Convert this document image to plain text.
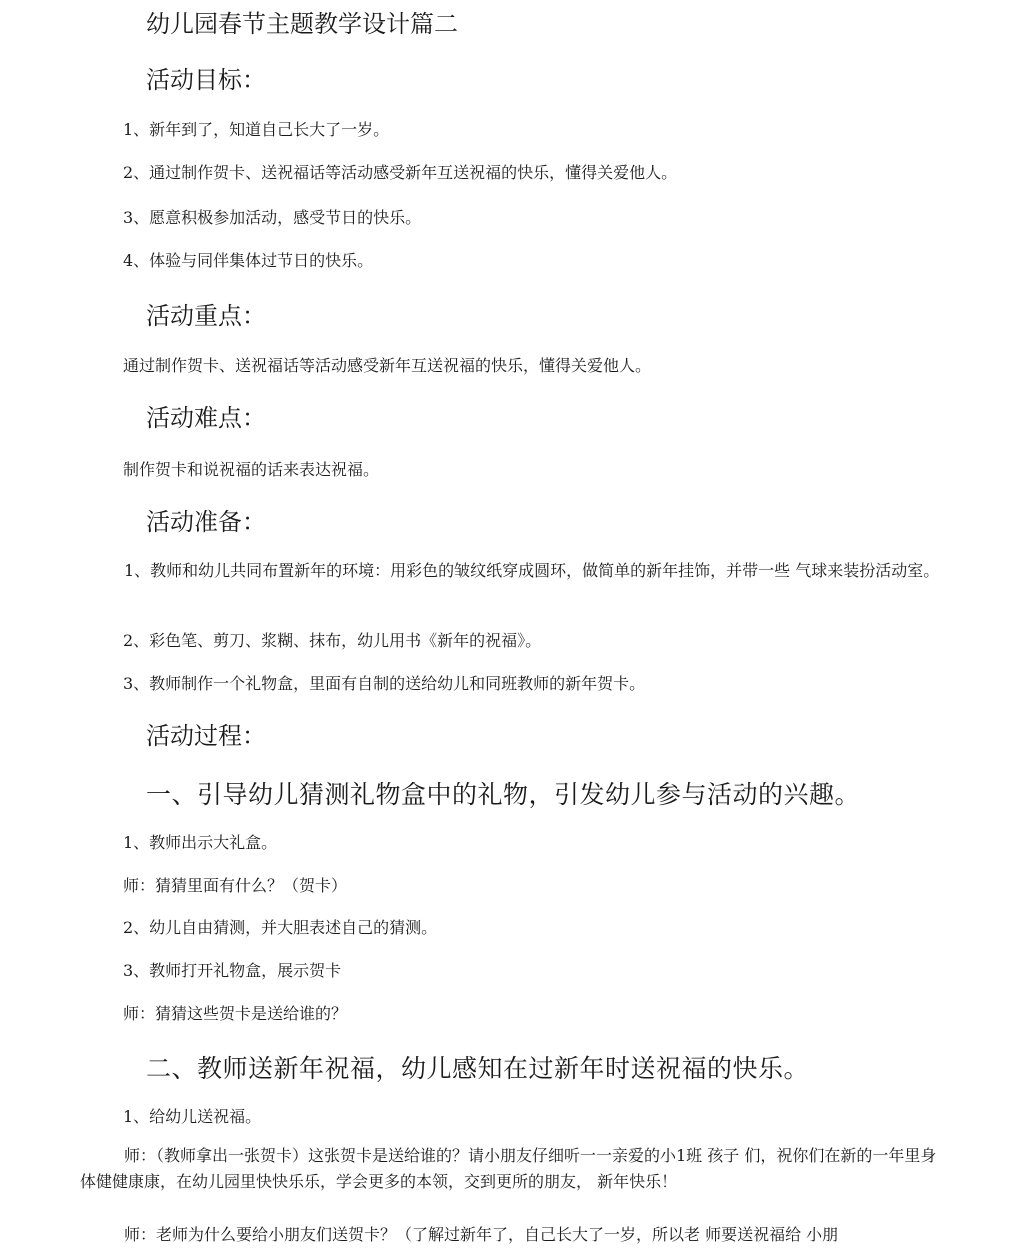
幼儿园春节主题教学设计篇二
活动目标：

1、新年到了，知道自己长大了一岁。

2、通过制作贺卡、送祝福话等活动感受新年互送祝福的快乐，懂得关爱他人。

3、愿意积极参加活动，感受节日的快乐。

4、体验与同伴集体过节日的快乐。

活动重点：

通过制作贺卡、送祝福话等活动感受新年互送祝福的快乐，懂得关爱他人。

活动难点：

制作贺卡和说祝福的话来表达祝福。

活动准备：

1、教师和幼儿共同布置新年的环境：用彩色的皱纹纸穿成圆环，做简单的新年挂饰，并带一些 气球来装扮活动室。

2、彩色笔、剪刀、浆糊、抹布，幼儿用书《新年的祝福》。

3、教师制作一个礼物盒，里面有自制的送给幼儿和同班教师的新年贺卡。

活动过程：
一、引导幼儿猜测礼物盒中的礼物，引发幼儿参与活动的兴趣。

1、教师出示大礼盒。

师：猜猜里面有什么？（贺卡）

2、幼儿自由猜测，并大胆表述自己的猜测。

3、教师打开礼物盒，展示贺卡

师：猜猜这些贺卡是送给谁的？

二、教师送新年祝福，幼儿感知在过新年时送祝福的快乐。

1、给幼儿送祝福。

师：（教师拿出一张贺卡）这张贺卡是送给谁的？请小朋友仔细听一一亲爱的小1班 孩子 们，祝你们在新的一年里身体健健康康，在幼儿园里快快乐乐，学会更多的本领，交到更所的朋友， 新年快乐！

师：老师为什么要给小朋友们送贺卡？（了解过新年了，自己长大了一岁，所以老 师要送祝福给 小朋
